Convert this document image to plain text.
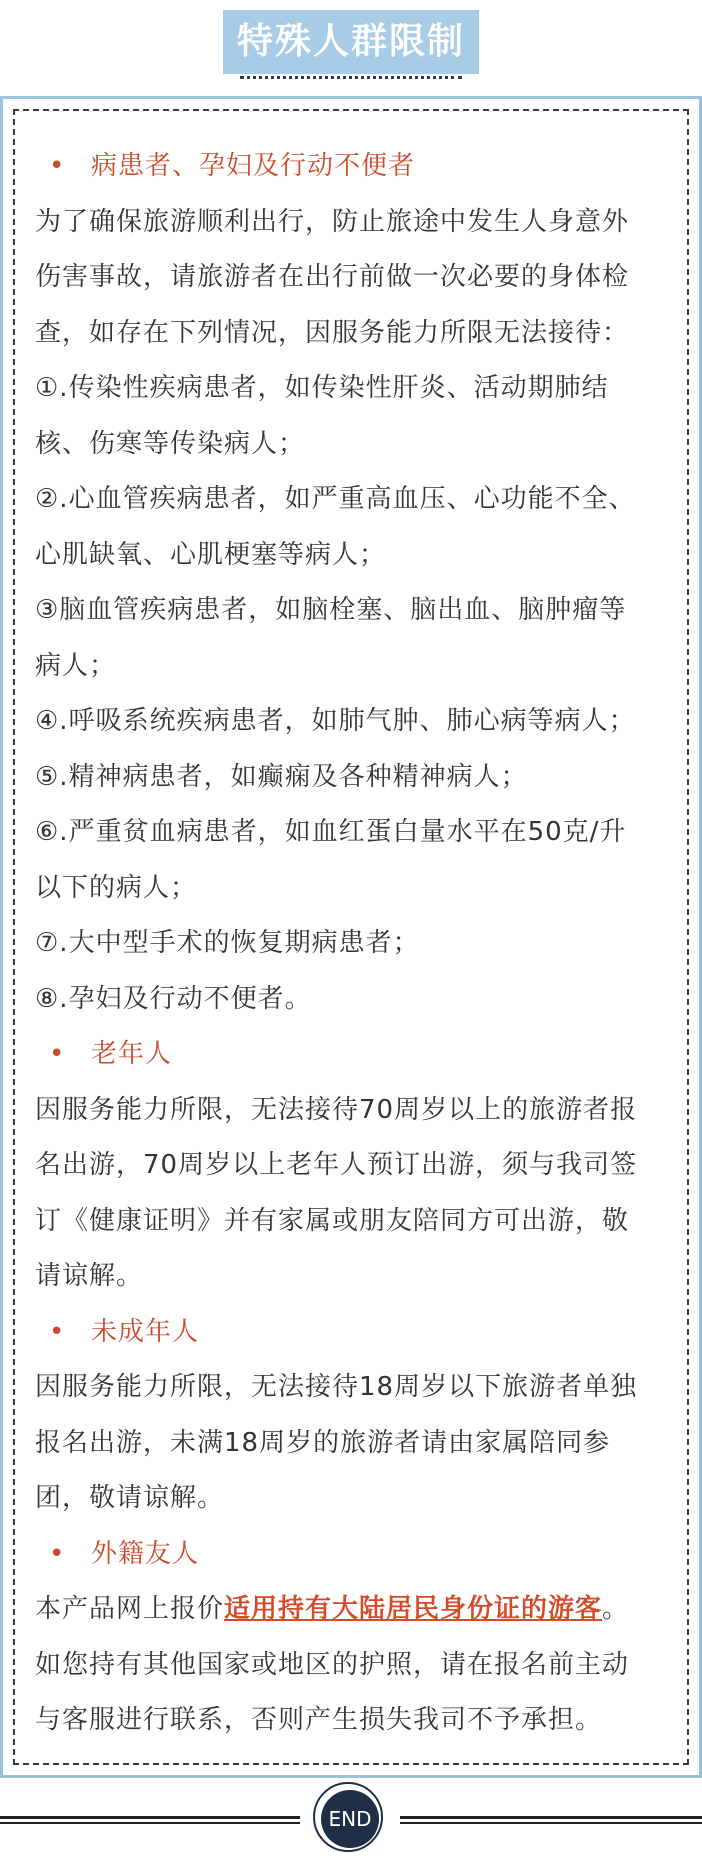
特殊人群限制
• 病患者、孕妇及行动不便者
为了确保旅游顺利出行，防止旅途中发生人身意外
伤害事故，请旅游者在出行前做一次必要的身体检
查，如存在下列情况，因服务能力所限无法接待：
①.传染性疾病患者，如传染性肝炎、活动期肺结
核、伤寒等传染病人；
②.心血管疾病患者，如严重高血压、心功能不全、
心肌缺氧、心肌梗塞等病人；
③脑血管疾病患者，如脑栓塞、脑出血、脑肿瘤等
病人；
④.呼吸系统疾病患者，如肺气肿、肺心病等病人；
⑤.精神病患者，如癫痫及各种精神病人；
⑥.严重贫血病患者，如血红蛋白量水平在50克/升
以下的病人；
⑦.大中型手术的恢复期病患者；
⑧.孕妇及行动不便者。
• 老年人
因服务能力所限，无法接待70周岁以上的旅游者报
名出游，70周岁以上老年人预订出游，须与我司签
订《健康证明》并有家属或朋友陪同方可出游，敬
请谅解。
• 未成年人
因服务能力所限，无法接待18周岁以下旅游者单独
报名出游，未满18周岁的旅游者请由家属陪同参
团，敬请谅解。
• 外籍友人
本产品网上报价适用持有大陆居民身份证的游客。
如您持有其他国家或地区的护照，请在报名前主动
与客服进行联系，否则产生损失我司不予承担。
END
